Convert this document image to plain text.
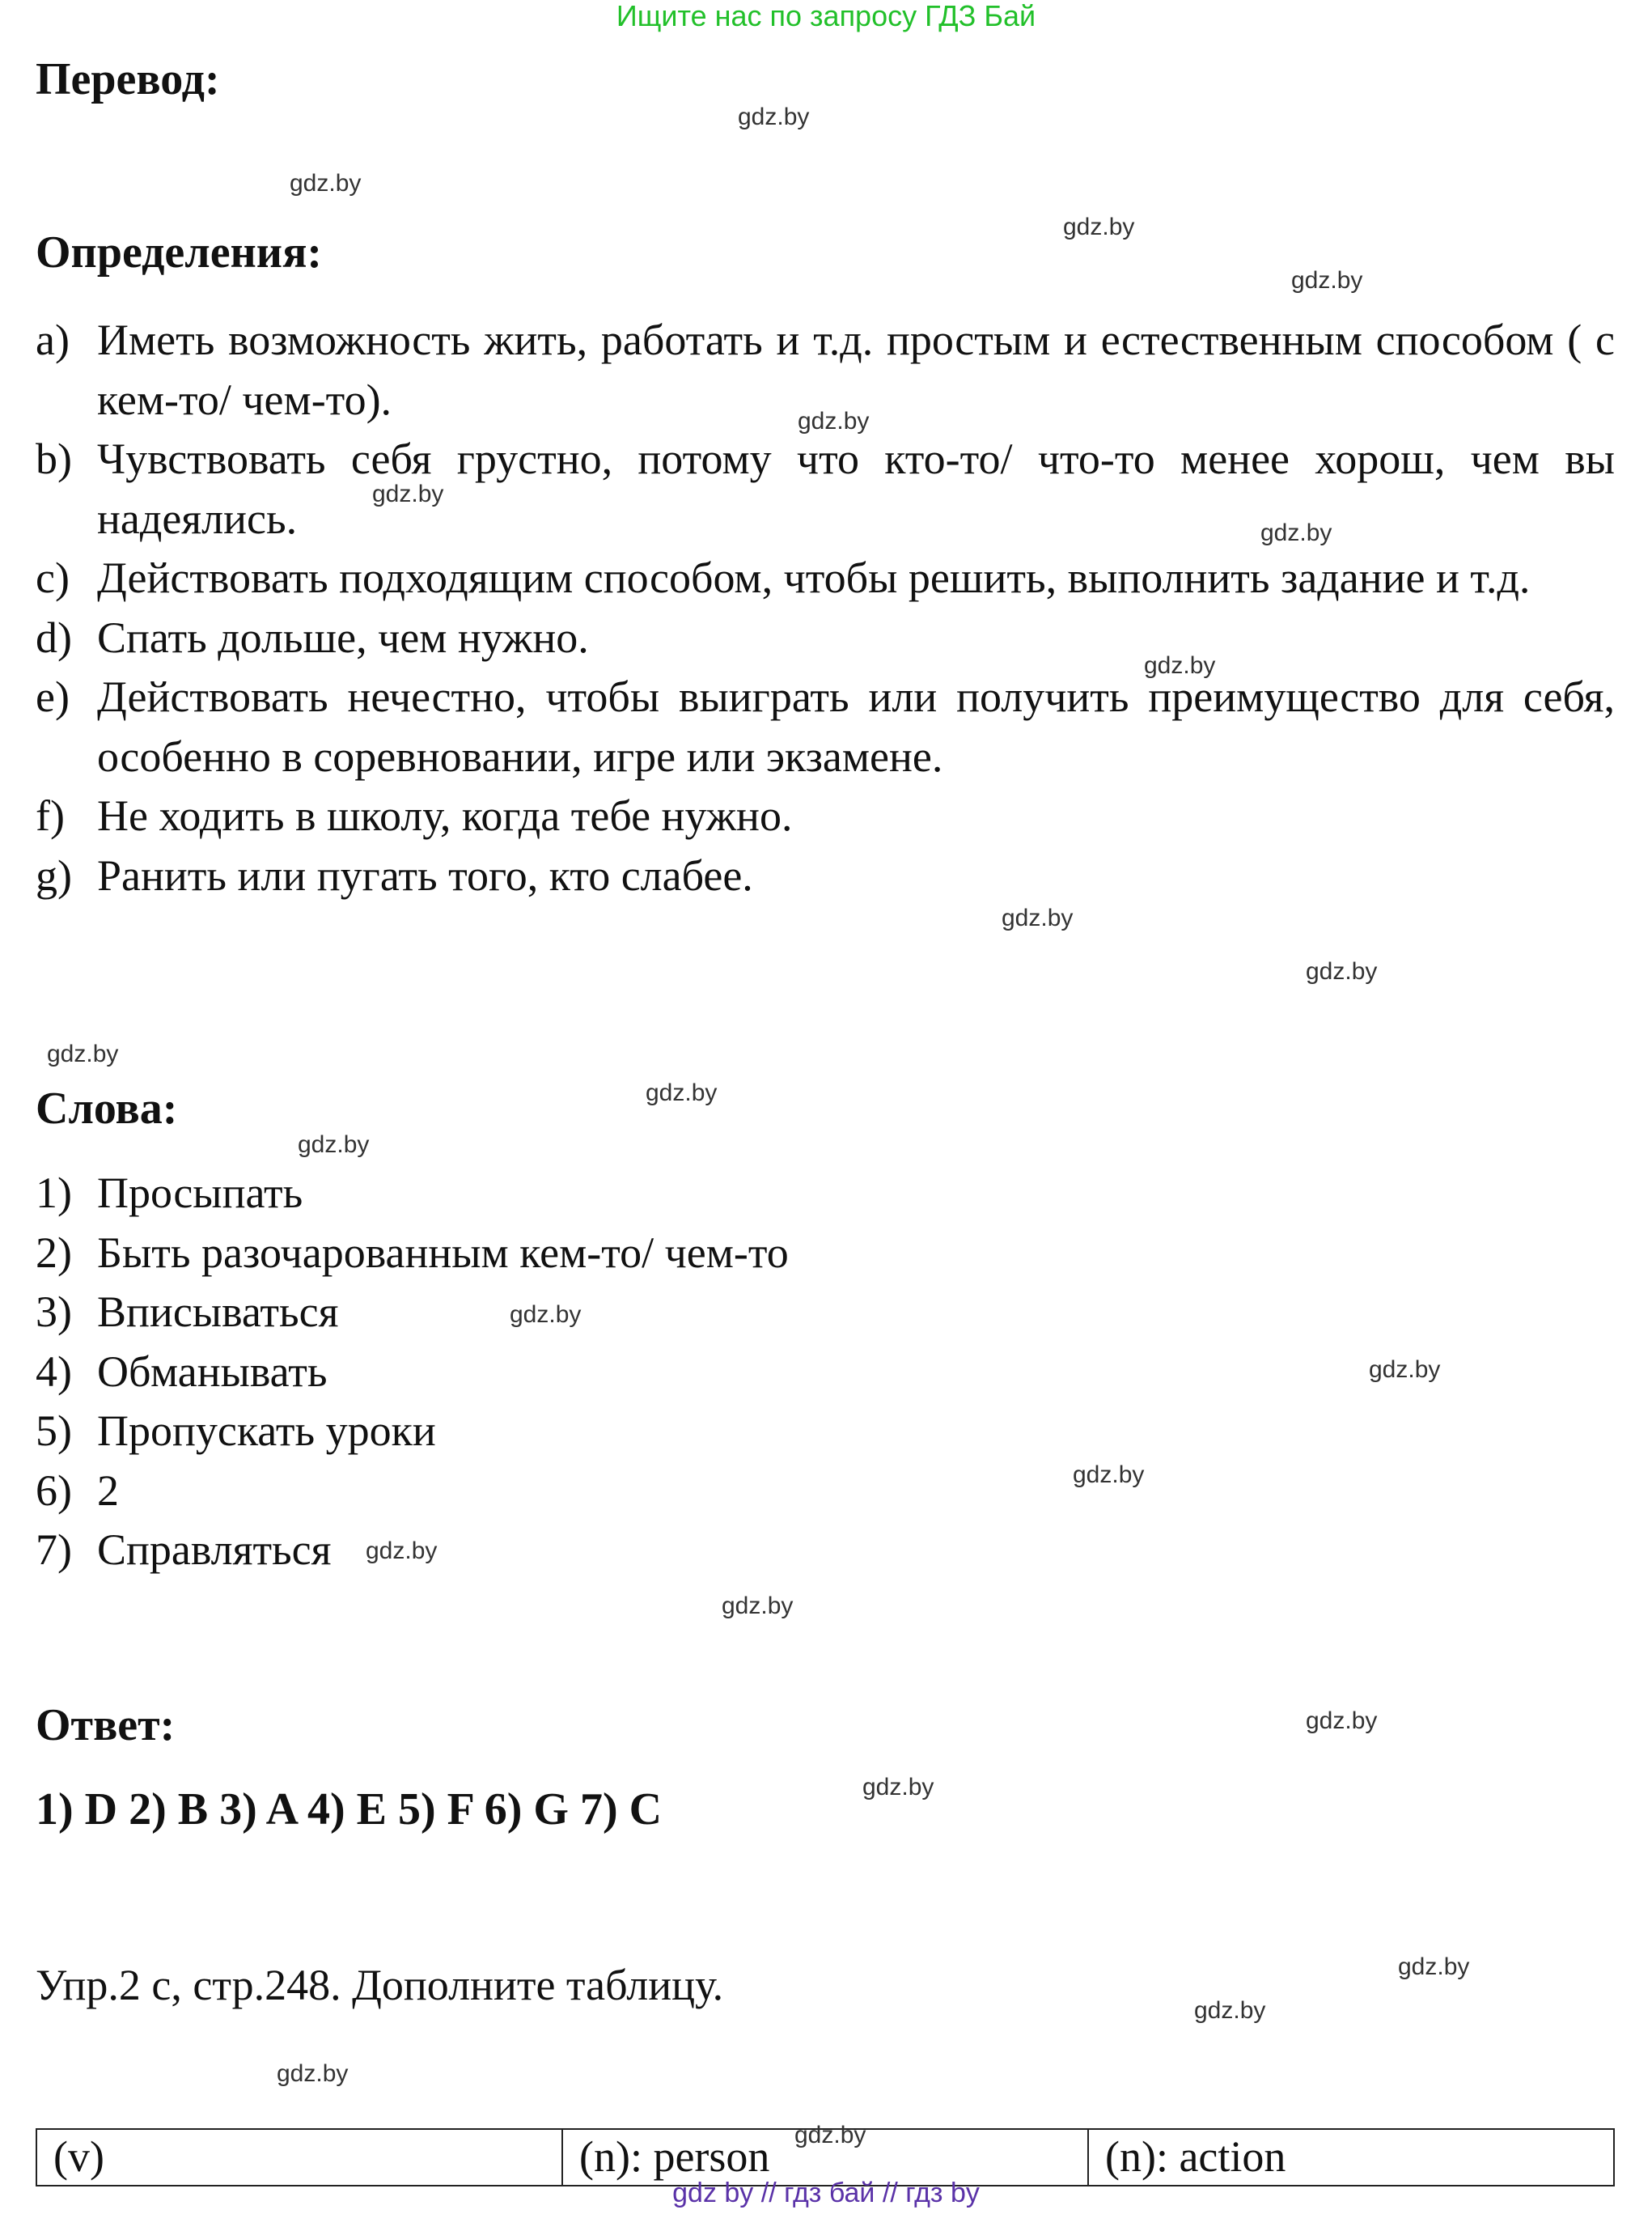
Ищите нас по запросу ГДЗ Бай
Перевод:
Определения:
a) Иметь возможность жить, работать и т.д. простым и естественным способом ( с кем-то/ чем-то).
b) Чувствовать себя грустно, потому что кто-то/ что-то менее хорош, чем вы надеялись.
c) Действовать подходящим способом, чтобы решить, выполнить задание и т.д.
d) Спать дольше, чем нужно.
e) Действовать нечестно, чтобы выиграть или получить преимущество для себя, особенно в соревновании, игре или экзамене.
f) Не ходить в школу, когда тебе нужно.
g) Ранить или пугать того, кто слабее.
Слова:
1) Просыпать
2) Быть разочарованным кем-то/ чем-то
3) Вписываться
4) Обманывать
5) Пропускать уроки
6) 2
7) Справляться
Ответ:
1) D 2) B 3) A 4) E 5) F 6) G 7) C
Упр.2 c, стр.248. Дополните таблицу.
(v)	(n): person	(n): action
gdz.by
gdz.by
gdz.by
gdz.by
gdz.by
gdz.by
gdz.by
gdz.by
gdz.by
gdz.by
gdz.by
gdz.by
gdz.by
gdz.by
gdz.by
gdz.by
gdz.by
gdz.by
gdz.by
gdz.by
gdz.by
gdz.by
gdz.by
gdz.by
gdz by // гдз бай // гдз by
